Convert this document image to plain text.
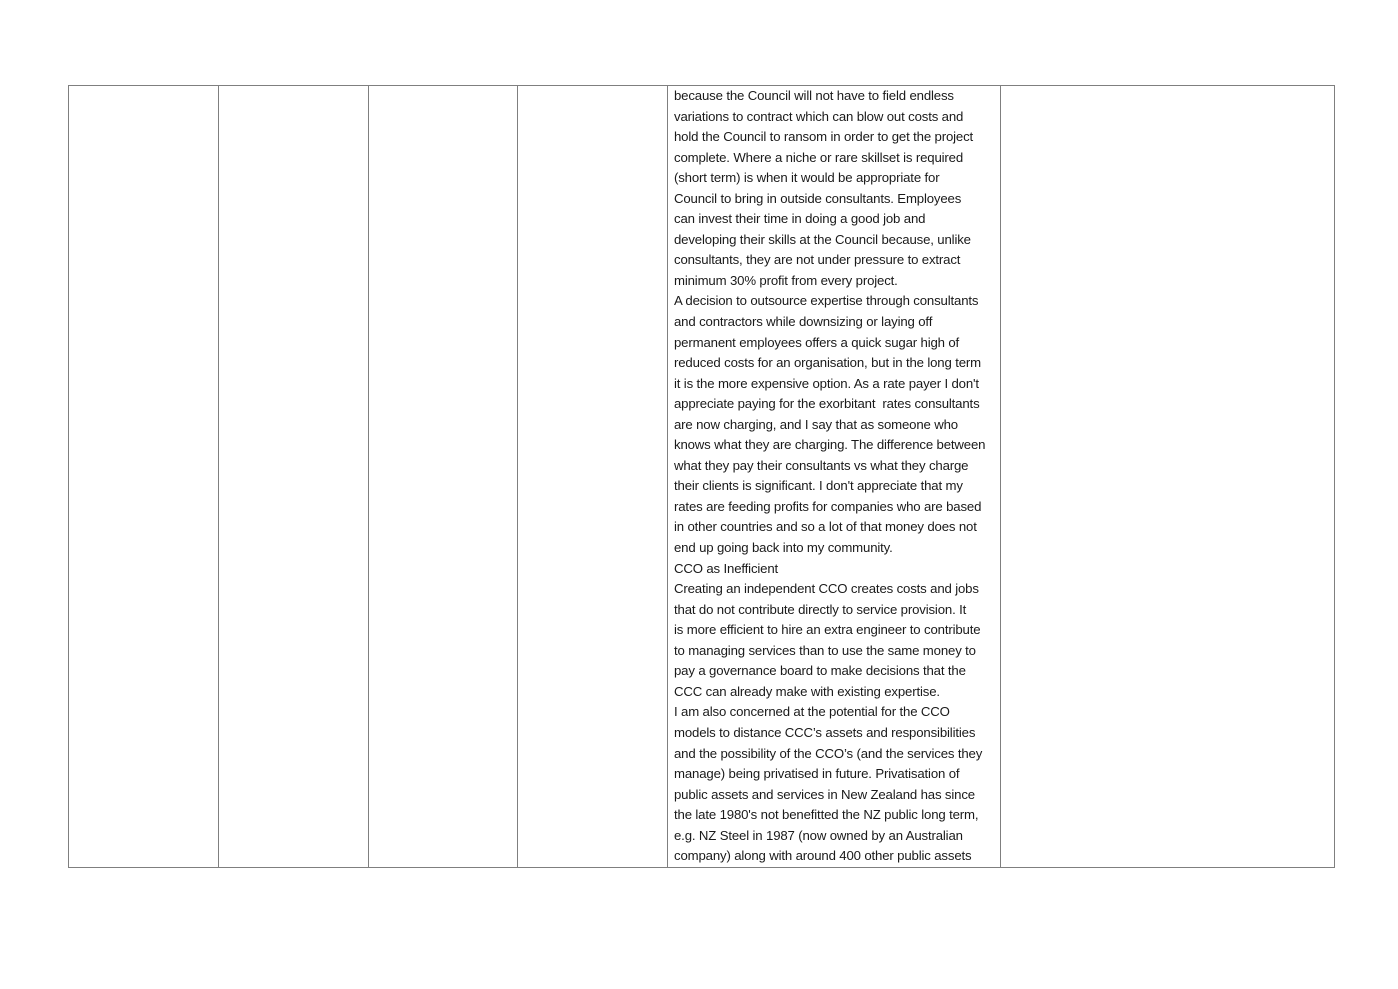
because the Council will not have to field endless
variations to contract which can blow out costs and
hold the Council to ransom in order to get the project
complete. Where a niche or rare skillset is required
(short term) is when it would be appropriate for
Council to bring in outside consultants. Employees
can invest their time in doing a good job and
developing their skills at the Council because, unlike
consultants, they are not under pressure to extract
minimum 30% profit from every project.
A decision to outsource expertise through consultants
and contractors while downsizing or laying off
permanent employees offers a quick sugar high of
reduced costs for an organisation, but in the long term
it is the more expensive option. As a rate payer I don't
appreciate paying for the exorbitant  rates consultants
are now charging, and I say that as someone who
knows what they are charging. The difference between
what they pay their consultants vs what they charge
their clients is significant. I don't appreciate that my
rates are feeding profits for companies who are based
in other countries and so a lot of that money does not
end up going back into my community.
CCO as Inefficient
Creating an independent CCO creates costs and jobs
that do not contribute directly to service provision. It
is more efficient to hire an extra engineer to contribute
to managing services than to use the same money to
pay a governance board to make decisions that the
CCC can already make with existing expertise.
I am also concerned at the potential for the CCO
models to distance CCC’s assets and responsibilities
and the possibility of the CCO’s (and the services they
manage) being privatised in future. Privatisation of
public assets and services in New Zealand has since
the late 1980's not benefitted the NZ public long term,
e.g. NZ Steel in 1987 (now owned by an Australian
company) along with around 400 other public assets
